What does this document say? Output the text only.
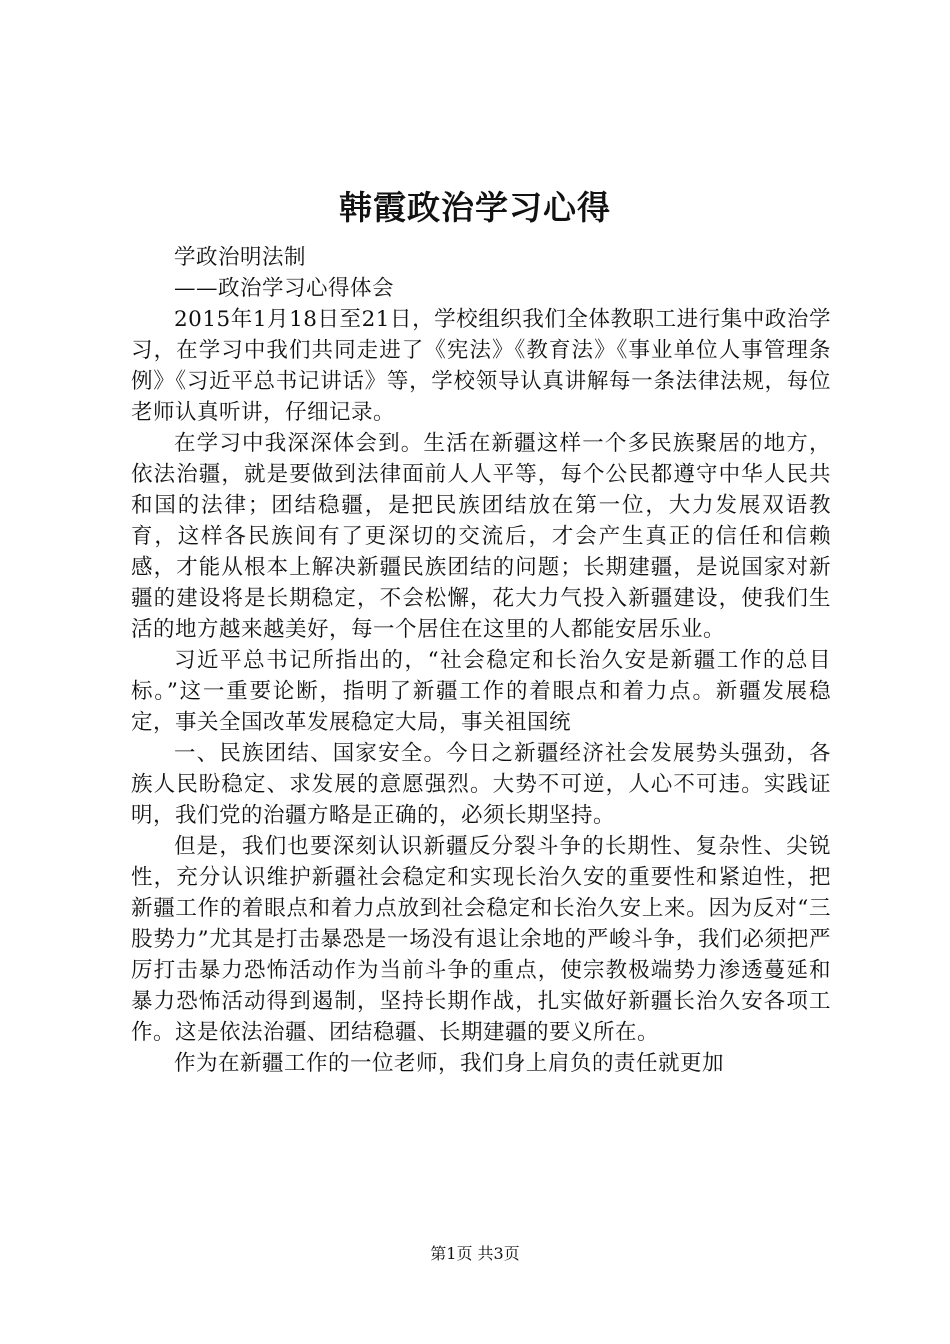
韩霞政治学习心得

学政治明法制

——政治学习心得体会

2015年1月18日至21日，学校组织我们全体教职工进行集中政治学习，在学习中我们共同走进了《宪法》《教育法》《事业单位人事管理条例》《习近平总书记讲话》等，学校领导认真讲解每一条法律法规，每位老师认真听讲，仔细记录。

在学习中我深深体会到。生活在新疆这样一个多民族聚居的地方，依法治疆，就是要做到法律面前人人平等，每个公民都遵守中华人民共和国的法律；团结稳疆，是把民族团结放在第一位，大力发展双语教育，这样各民族间有了更深切的交流后，才会产生真正的信任和信赖感，才能从根本上解决新疆民族团结的问题；长期建疆，是说国家对新疆的建设将是长期稳定，不会松懈，花大力气投入新疆建设，使我们生活的地方越来越美好，每一个居住在这里的人都能安居乐业。

习近平总书记所指出的，“社会稳定和长治久安是新疆工作的总目标。”这一重要论断，指明了新疆工作的着眼点和着力点。新疆发展稳定，事关全国改革发展稳定大局，事关祖国统

一、民族团结、国家安全。今日之新疆经济社会发展势头强劲，各族人民盼稳定、求发展的意愿强烈。大势不可逆，人心不可违。实践证明，我们党的治疆方略是正确的，必须长期坚持。

但是，我们也要深刻认识新疆反分裂斗争的长期性、复杂性、尖锐性，充分认识维护新疆社会稳定和实现长治久安的重要性和紧迫性，把新疆工作的着眼点和着力点放到社会稳定和长治久安上来。因为反对“三股势力”尤其是打击暴恐是一场没有退让余地的严峻斗争，我们必须把严厉打击暴力恐怖活动作为当前斗争的重点，使宗教极端势力渗透蔓延和暴力恐怖活动得到遏制，坚持长期作战，扎实做好新疆长治久安各项工作。这是依法治疆、团结稳疆、长期建疆的要义所在。

作为在新疆工作的一位老师，我们身上肩负的责任就更加

第1页 共3页
